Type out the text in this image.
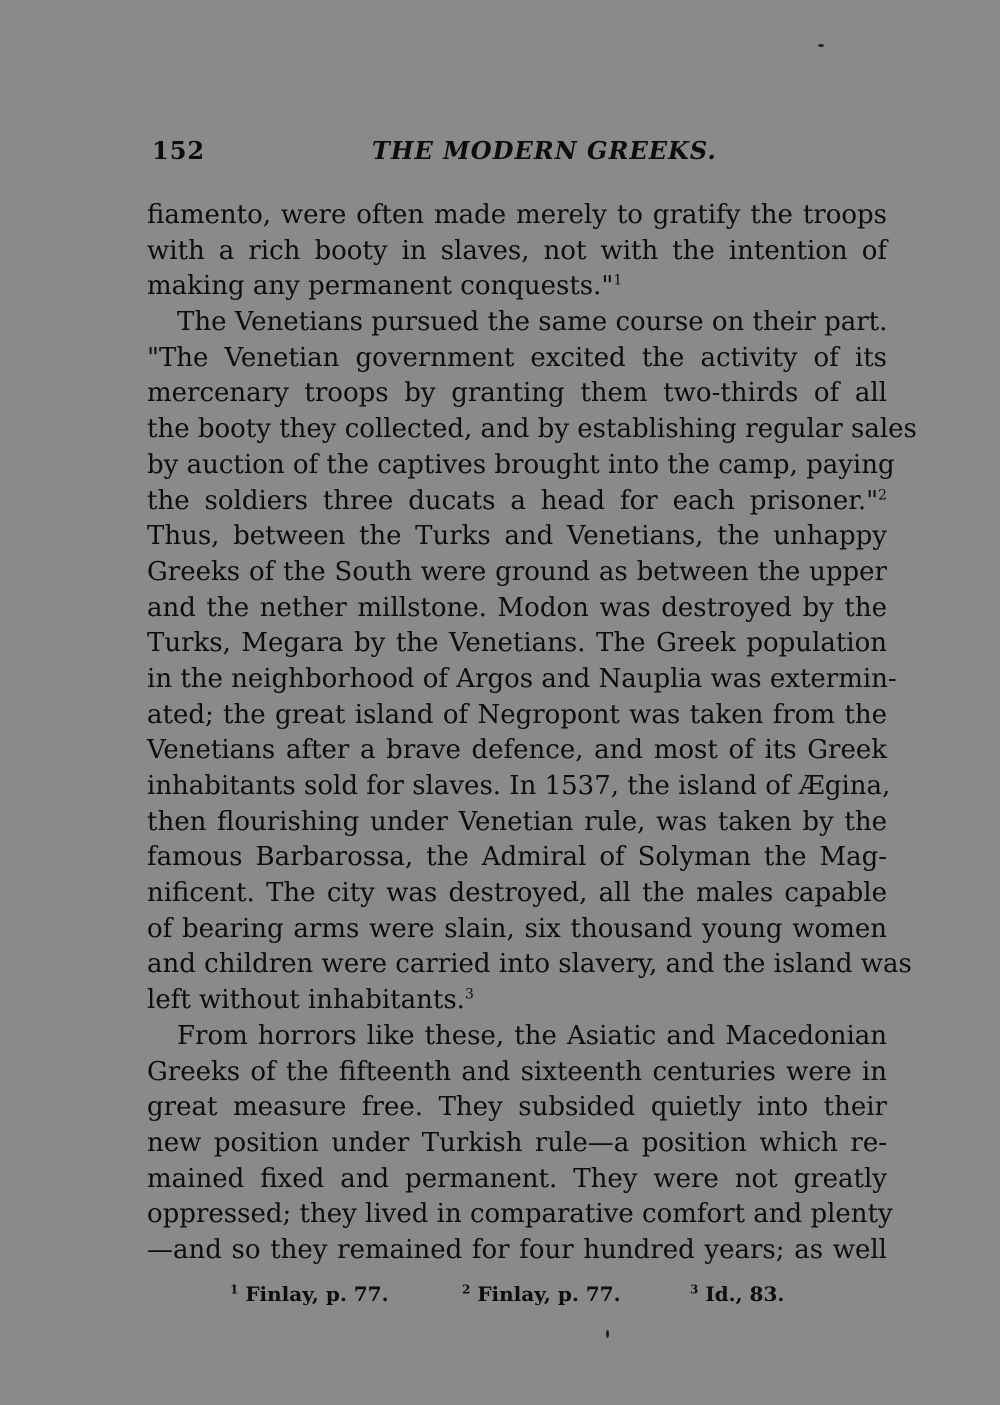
152	THE MODERN GREEKS.
fiamento, were often made merely to gratify the troops
with a rich booty in slaves, not with the intention of
making any permanent conquests."$^1$
The Venetians pursued the same course on their part.
"The Venetian government excited the activity of its
mercenary troops by granting them two-thirds of all
the booty they collected, and by establishing regular sales
by auction of the captives brought into the camp, paying
the soldiers three ducats a head for each prisoner."$^2$
Thus, between the Turks and Venetians, the unhappy
Greeks of the South were ground as between the upper
and the nether millstone. Modon was destroyed by the
Turks, Megara by the Venetians. The Greek population
in the neighborhood of Argos and Nauplia was extermin-
ated; the great island of Negropont was taken from the
Venetians after a brave defence, and most of its Greek
inhabitants sold for slaves. In 1537, the island of Ægina,
then flourishing under Venetian rule, was taken by the
famous Barbarossa, the Admiral of Solyman the Mag-
nificent. The city was destroyed, all the males capable
of bearing arms were slain, six thousand young women
and children were carried into slavery, and the island was
left without inhabitants.$^3$
From horrors like these, the Asiatic and Macedonian
Greeks of the fifteenth and sixteenth centuries were in
great measure free. They subsided quietly into their
new position under Turkish rule—a position which re-
mained fixed and permanent. They were not greatly
oppressed; they lived in comparative comfort and plenty
—and so they remained for four hundred years; as well
$^1$ Finlay, p. 77.	$^2$ Finlay, p. 77.	$^3$ Id., 83.
